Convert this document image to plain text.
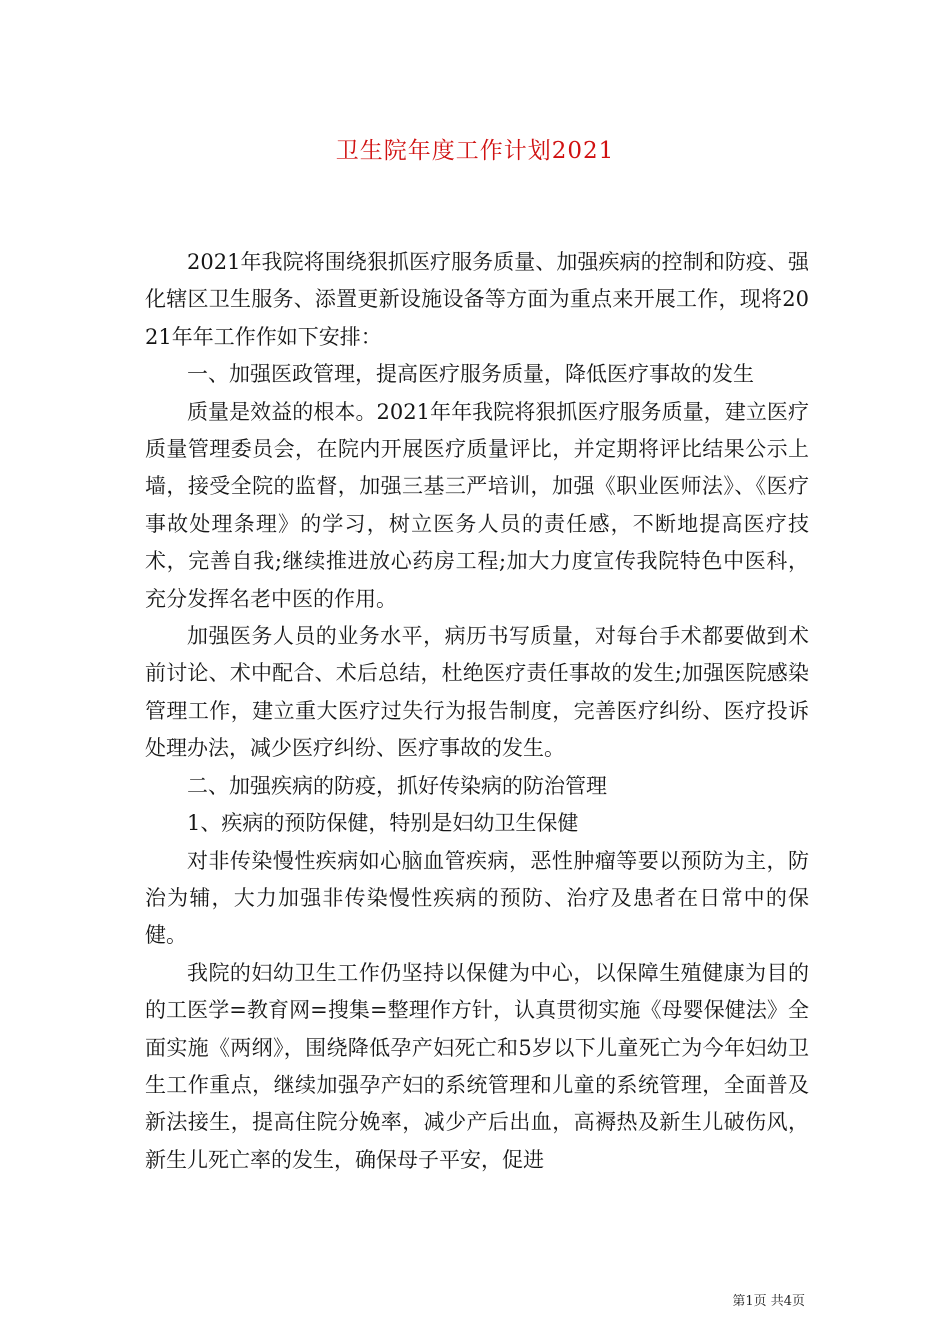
卫生院年度工作计划2021

2021年我院将围绕狠抓医疗服务质量、加强疾病的控制和防疫、强化辖区卫生服务、添置更新设施设备等方面为重点来开展工作，现将2021年年工作作如下安排：

一、加强医政管理，提高医疗服务质量，降低医疗事故的发生

质量是效益的根本。2021年年我院将狠抓医疗服务质量，建立医疗质量管理委员会，在院内开展医疗质量评比，并定期将评比结果公示上墙，接受全院的监督，加强三基三严培训，加强《职业医师法》、《医疗事故处理条理》的学习，树立医务人员的责任感，不断地提高医疗技术，完善自我;继续推进放心药房工程;加大力度宣传我院特色中医科，充分发挥名老中医的作用。

加强医务人员的业务水平，病历书写质量，对每台手术都要做到术前讨论、术中配合、术后总结，杜绝医疗责任事故的发生;加强医院感染管理工作，建立重大医疗过失行为报告制度，完善医疗纠纷、医疗投诉处理办法，减少医疗纠纷、医疗事故的发生。

二、加强疾病的防疫，抓好传染病的防治管理

1、疾病的预防保健，特别是妇幼卫生保健

对非传染慢性疾病如心脑血管疾病，恶性肿瘤等要以预防为主，防治为辅，大力加强非传染慢性疾病的预防、治疗及患者在日常中的保健。

我院的妇幼卫生工作仍坚持以保健为中心，以保障生殖健康为目的的工医学=教育网=搜集=整理作方针，认真贯彻实施《母婴保健法》全面实施《两纲》，围绕降低孕产妇死亡和5岁以下儿童死亡为今年妇幼卫生工作重点，继续加强孕产妇的系统管理和儿童的系统管理，全面普及新法接生，提高住院分娩率，减少产后出血，高褥热及新生儿破伤风，新生儿死亡率的发生，确保母子平安，促进

第1页 共4页
